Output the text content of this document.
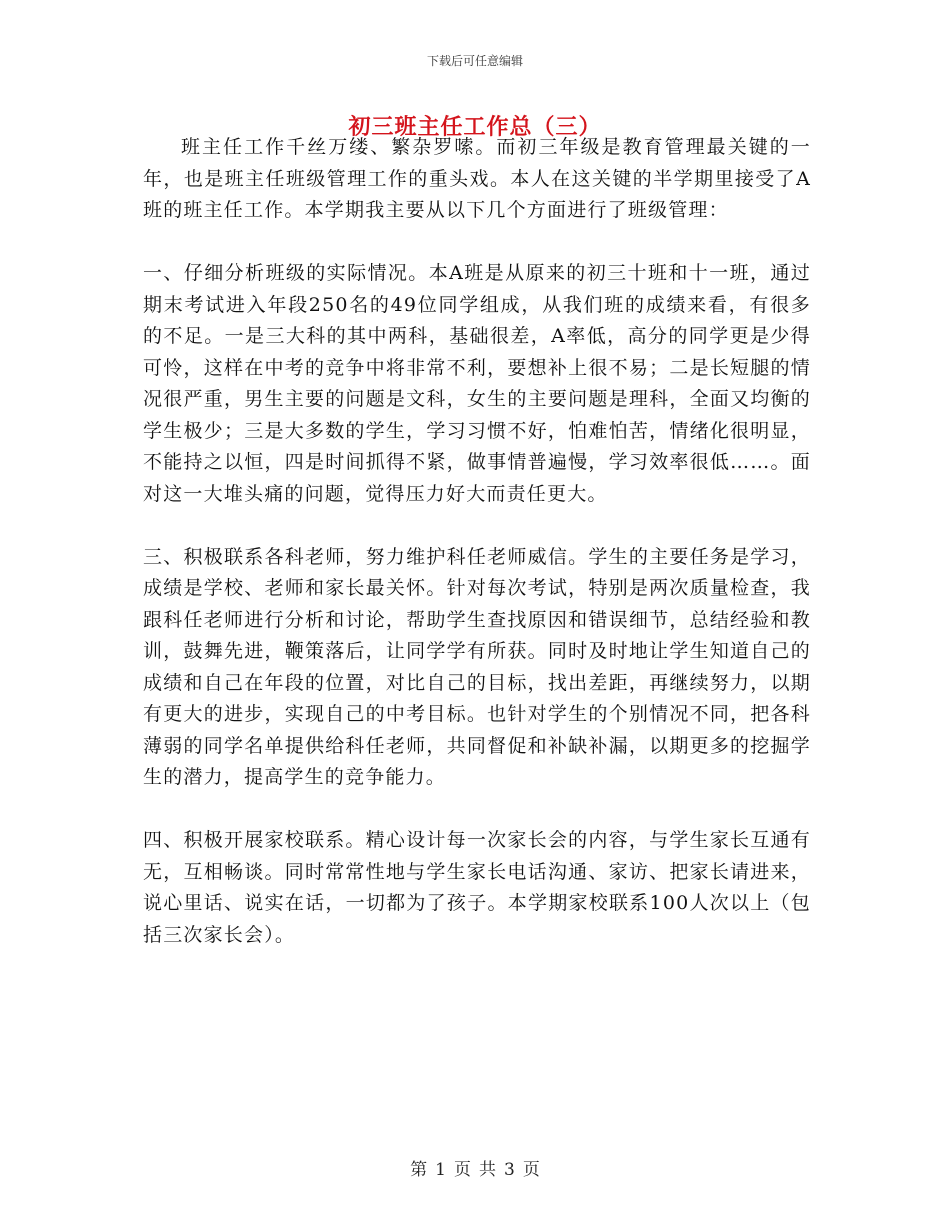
下载后可任意编辑
初三班主任工作总（三）

班主任工作千丝万缕、繁杂罗嗦。而初三年级是教育管理最关键的一年，也是班主任班级管理工作的重头戏。本人在这关键的半学期里接受了A班的班主任工作。本学期我主要从以下几个方面进行了班级管理：

一、仔细分析班级的实际情况。本A班是从原来的初三十班和十一班，通过期末考试进入年段250名的49位同学组成，从我们班的成绩来看，有很多的不足。一是三大科的其中两科，基础很差，A率低，高分的同学更是少得可怜，这样在中考的竞争中将非常不利，要想补上很不易；二是长短腿的情况很严重，男生主要的问题是文科，女生的主要问题是理科，全面又均衡的学生极少；三是大多数的学生，学习习惯不好，怕难怕苦，情绪化很明显，不能持之以恒，四是时间抓得不紧，做事情普遍慢，学习效率很低……。面对这一大堆头痛的问题，觉得压力好大而责任更大。

三、积极联系各科老师，努力维护科任老师威信。学生的主要任务是学习，成绩是学校、老师和家长最关怀。针对每次考试，特别是两次质量检查，我跟科任老师进行分析和讨论，帮助学生查找原因和错误细节，总结经验和教训，鼓舞先进，鞭策落后，让同学学有所获。同时及时地让学生知道自己的成绩和自己在年段的位置，对比自己的目标，找出差距，再继续努力，以期有更大的进步，实现自己的中考目标。也针对学生的个别情况不同，把各科薄弱的同学名单提供给科任老师，共同督促和补缺补漏，以期更多的挖掘学生的潜力，提高学生的竞争能力。

四、积极开展家校联系。精心设计每一次家长会的内容，与学生家长互通有无，互相畅谈。同时常常性地与学生家长电话沟通、家访、把家长请进来，说心里话、说实在话，一切都为了孩子。本学期家校联系100人次以上（包括三次家长会）。

第 1 页 共 3 页
